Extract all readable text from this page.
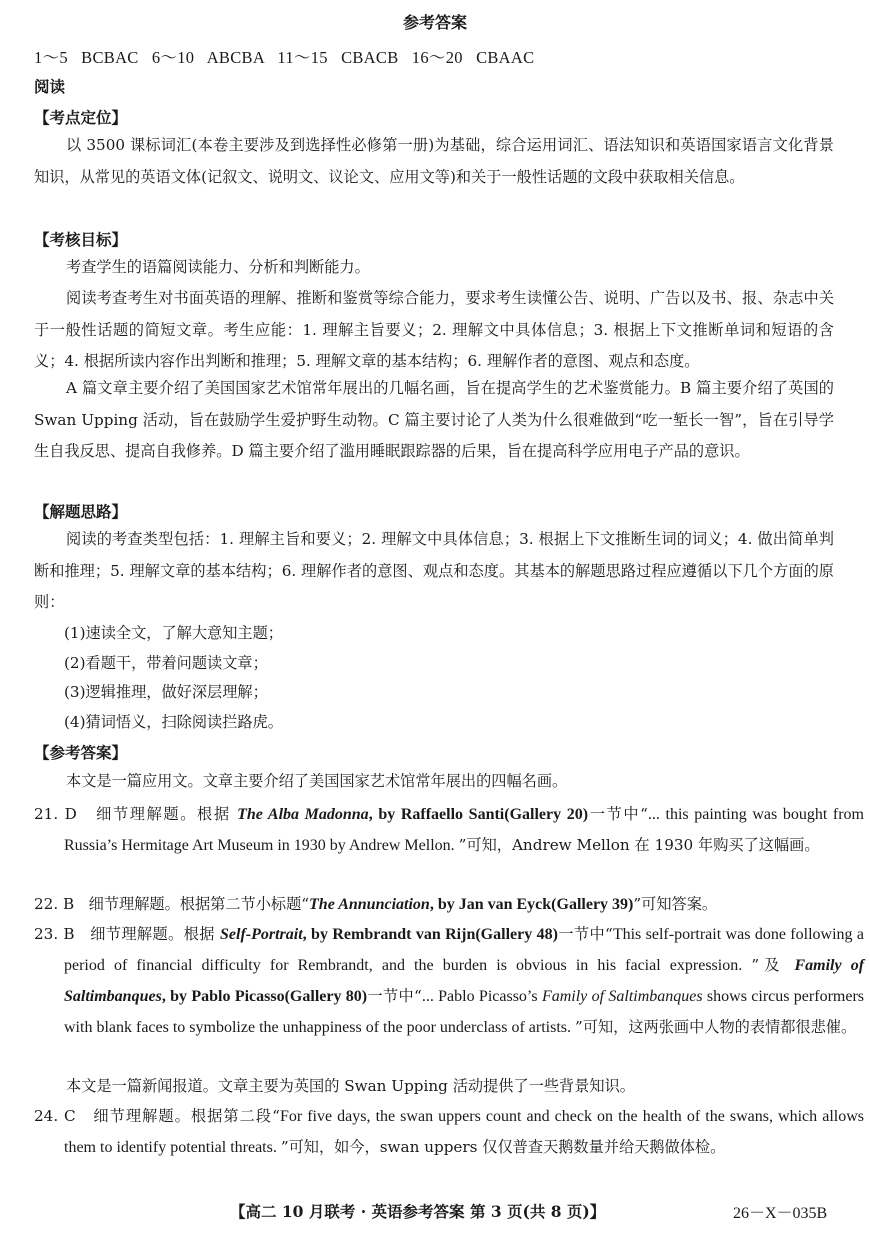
参考答案
1～5   BCBAC   6～10   ABCBA   11～15   CBACB   16～20   CBAAC
阅读
【考点定位】
以 3500 课标词汇(本卷主要涉及到选择性必修第一册)为基础，综合运用词汇、语法知识和英语国家语言文化背景知识，从常见的英语文体(记叙文、说明文、议论文、应用文等)和关于一般性话题的文段中获取相关信息。
【考核目标】
考查学生的语篇阅读能力、分析和判断能力。
阅读考查考生对书面英语的理解、推断和鉴赏等综合能力，要求考生读懂公告、说明、广告以及书、报、杂志中关于一般性话题的简短文章。考生应能：1. 理解主旨要义；2. 理解文中具体信息；3. 根据上下文推断单词和短语的含义；4. 根据所读内容作出判断和推理；5. 理解文章的基本结构；6. 理解作者的意图、观点和态度。
A 篇文章主要介绍了美国国家艺术馆常年展出的几幅名画，旨在提高学生的艺术鉴赏能力。B 篇主要介绍了英国的 Swan Upping 活动，旨在鼓励学生爱护野生动物。C 篇主要讨论了人类为什么很难做到“吃一堑长一智”，旨在引导学生自我反思、提高自我修养。D 篇主要介绍了滥用睡眠跟踪器的后果，旨在提高科学应用电子产品的意识。
【解题思路】
阅读的考查类型包括：1. 理解主旨和要义；2. 理解文中具体信息；3. 根据上下文推断生词的词义；4. 做出简单判断和推理；5. 理解文章的基本结构；6. 理解作者的意图、观点和态度。其基本的解题思路过程应遵循以下几个方面的原则：
(1)速读全文，了解大意知主题；
(2)看题干，带着问题读文章；
(3)逻辑推理，做好深层理解；
(4)猜词悟义，扫除阅读拦路虎。
【参考答案】
本文是一篇应用文。文章主要介绍了美国国家艺术馆常年展出的四幅名画。
21. D 细节理解题。根据 The Alba Madonna, by Raffaello Santi(Gallery 20)一节中“... this painting was bought from Russia’s Hermitage Art Museum in 1930 by Andrew Mellon. ”可知，Andrew Mellon 在 1930 年购买了这幅画。
22. B 细节理解题。根据第二节小标题“The Annunciation, by Jan van Eyck(Gallery 39)”可知答案。
23. B 细节理解题。根据 Self-Portrait, by Rembrandt van Rijn(Gallery 48)一节中“This self-portrait was done following a period of financial difficulty for Rembrandt, and the burden is obvious in his facial expression. ”及 Family of Saltimbanques, by Pablo Picasso(Gallery 80)一节中“... Pablo Picasso’s Family of Saltimbanques shows circus performers with blank faces to symbolize the unhappiness of the poor underclass of artists. ”可知，这两张画中人物的表情都很悲催。
本文是一篇新闻报道。文章主要为英国的 Swan Upping 活动提供了一些背景知识。
24. C 细节理解题。根据第二段“For five days, the swan uppers count and check on the health of the swans, which allows them to identify potential threats. ”可知，如今，swan uppers 仅仅普查天鹅数量并给天鹅做体检。
【高二 10 月联考 · 英语参考答案 第 3 页(共 8 页)】	26－X－035B
